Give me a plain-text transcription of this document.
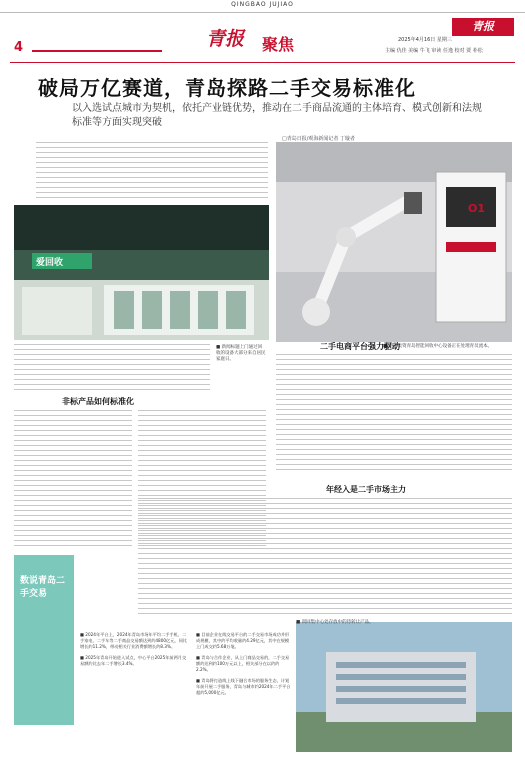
QINGBAO JUJIAO
4	青报 聚焦
青报
2025年4月16日 星期三
主编 仇佳 美编 牛飞 审读 任逸 校对 贾 朴松
破局万亿赛道，青岛探路二手交易标准化
以入选试点城市为契机，依托产业链优势，推动在二手商品流通的主体培育、模式创新和法规标准等方面实现突破
□青岛日报/观海新闻记者 丁璇者
爱回收
O1
■ 利用集资青岛智能回收中心设备正在处理青员流本。
■ 新闻标题上门通过回收的设备大部分来自居民家庭日。
非标产品如何标准化
二手电商平台强力驱动
年经入是二手市场主力
■ 训回集中心处存放中的待转让产品。
数说青岛二手交易

■ 2024年平台上，2024年青岛市场年平均二手手机、二手家电、二手车等二手商品交易额达到约4800亿元，同比增长约11.2%，带动相关行业消费额增长约8.3%。

■ 2025年青岛开始进入试点，中心平台2025年前两月交易额约比去年二手增长3.4%。

■ 目前企业在线交易平台的二手交易市场成功并形成规模，其中约平均收量约4.29亿元，其中在规模上门成交约5.68万笔。

■ 青岛与合作企业，从上门商品交易的，二手交易额约达到约100万元以上，相关部分在以约约2.2%。

■ 青岛将打造线上线下融合市场的服务生态，计划年前开展二手服务，青岛与城市约2024年二手平台超约5,000亿元。
